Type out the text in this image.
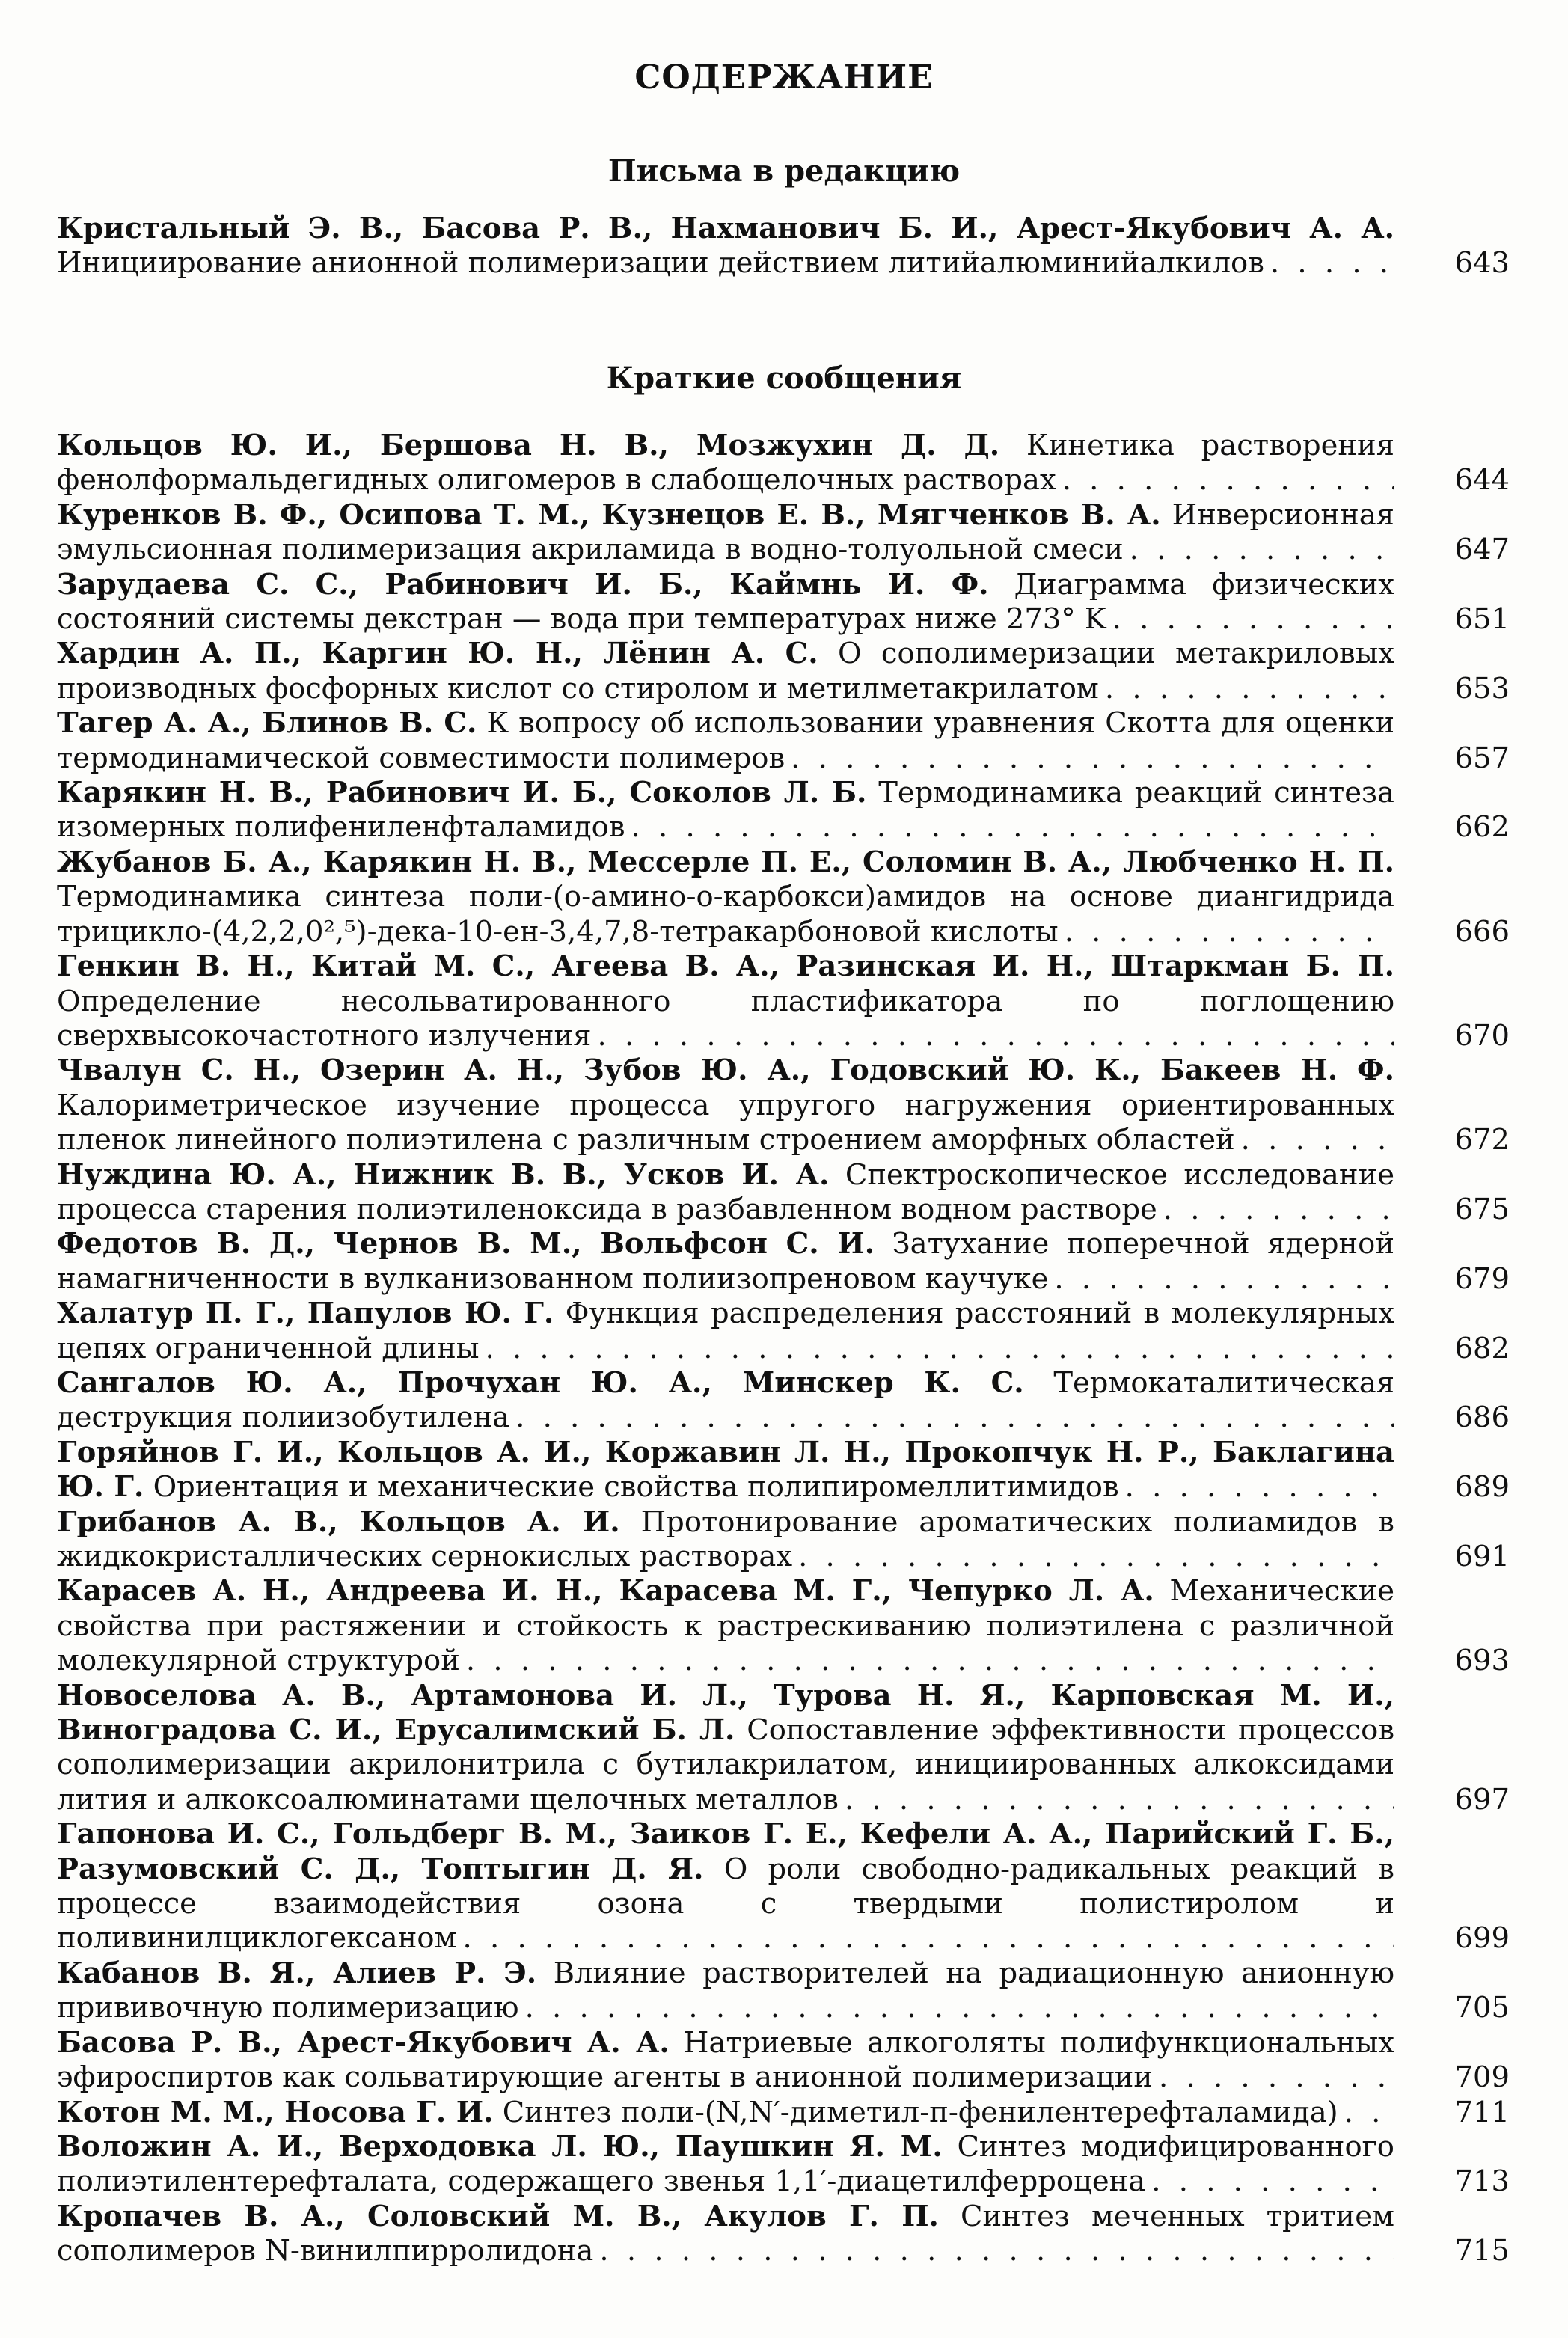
СОДЕРЖАНИЕ
Письма в редакцию
Кристальный Э. В., Басова Р. В., Нахманович Б. И., Арест-Якубович А. А. Инициирование анионной полимеризации действием литийалюминийалкилов . . .	643
Краткие сообщения
Кольцов Ю. И., Бершова Н. В., Мозжухин Д. Д. Кинетика растворения фенолформальдегидных олигомеров в слабощелочных растворах . . .	644
Куренков В. Ф., Осипова Т. М., Кузнецов Е. В., Мягченков В. А. Инверсионная эмульсионная полимеризация акриламида в водно-толуольной смеси . . .	647
Зарудаева С. С., Рабинович И. Б., Каймнь И. Ф. Диаграмма физических состояний системы декстран — вода при температурах ниже 273° K . . .	651
Хардин А. П., Каргин Ю. Н., Лёнин А. С. О сополимеризации метакриловых производных фосфорных кислот со стиролом и метилметакрилатом . . .	653
Тагер А. А., Блинов В. С. К вопросу об использовании уравнения Скотта для оценки термодинамической совместимости полимеров . . .	657
Карякин Н. В., Рабинович И. Б., Соколов Л. Б. Термодинамика реакций синтеза изомерных полифениленфталамидов . . .	662
Жубанов Б. А., Карякин Н. В., Мессерле П. Е., Соломин В. А., Любченко Н. П. Термодинамика синтеза поли-(о-амино-о-карбокси)амидов на основе диангидрида трицикло-(4,2,2,0²,⁵)-дека-10-ен-3,4,7,8-тетракарбоновой кислоты . . .	666
Генкин В. Н., Китай М. С., Агеева В. А., Разинская И. Н., Штаркман Б. П. Определение несольватированного пластификатора по поглощению сверхвысокочастотного излучения . . .	670
Чвалун С. Н., Озерин А. Н., Зубов Ю. А., Годовский Ю. К., Бакеев Н. Ф. Калориметрическое изучение процесса упругого нагружения ориентированных пленок линейного полиэтилена с различным строением аморфных областей . . .	672
Нуждина Ю. А., Нижник В. В., Усков И. А. Спектроскопическое исследование процесса старения полиэтиленоксида в разбавленном водном растворе . . .	675
Федотов В. Д., Чернов В. М., Вольфсон С. И. Затухание поперечной ядерной намагниченности в вулканизованном полиизопреновом каучуке . . .	679
Халатур П. Г., Папулов Ю. Г. Функция распределения расстояний в молекулярных цепях ограниченной длины . . .	682
Сангалов Ю. А., Прочухан Ю. А., Минскер К. С. Термокаталитическая деструкция полиизобутилена . . .	686
Горяйнов Г. И., Кольцов А. И., Коржавин Л. Н., Прокопчук Н. Р., Баклагина Ю. Г. Ориентация и механические свойства полипиромеллитимидов . . .	689
Грибанов А. В., Кольцов А. И. Протонирование ароматических полиамидов в жидкокристаллических сернокислых растворах . . .	691
Карасев А. Н., Андреева И. Н., Карасева М. Г., Чепурко Л. А. Механические свойства при растяжении и стойкость к растрескиванию полиэтилена с различной молекулярной структурой . . .	693
Новоселова А. В., Артамонова И. Л., Турова Н. Я., Карповская М. И., Виноградова С. И., Ерусалимский Б. Л. Сопоставление эффективности процессов сополимеризации акрилонитрила с бутилакрилатом, инициированных алкоксидами лития и алкоксоалюминатами щелочных металлов . . .	697
Гапонова И. С., Гольдберг В. М., Заиков Г. Е., Кефели А. А., Парийский Г. Б., Разумовский С. Д., Топтыгин Д. Я. О роли свободно-радикальных реакций в процессе взаимодействия озона с твердыми полистиролом и поливинилциклогексаном . . .	699
Кабанов В. Я., Алиев Р. Э. Влияние растворителей на радиационную анионную прививочную полимеризацию . . .	705
Басова Р. В., Арест-Якубович А. А. Натриевые алкоголяты полифункциональных эфироспиртов как сольватирующие агенты в анионной полимеризации . . .	709
Котон М. М., Носова Г. И. Синтез поли-(N,N′-диметил-п-фенилентерефталамида) . . .	711
Воложин А. И., Верходовка Л. Ю., Паушкин Я. М. Синтез модифицированного полиэтилентерефталата, содержащего звенья 1,1′-диацетилферроцена . . .	713
Кропачев В. А., Соловский М. В., Акулов Г. П. Синтез меченных тритием сополимеров N-винилпирролидона . . .	715
